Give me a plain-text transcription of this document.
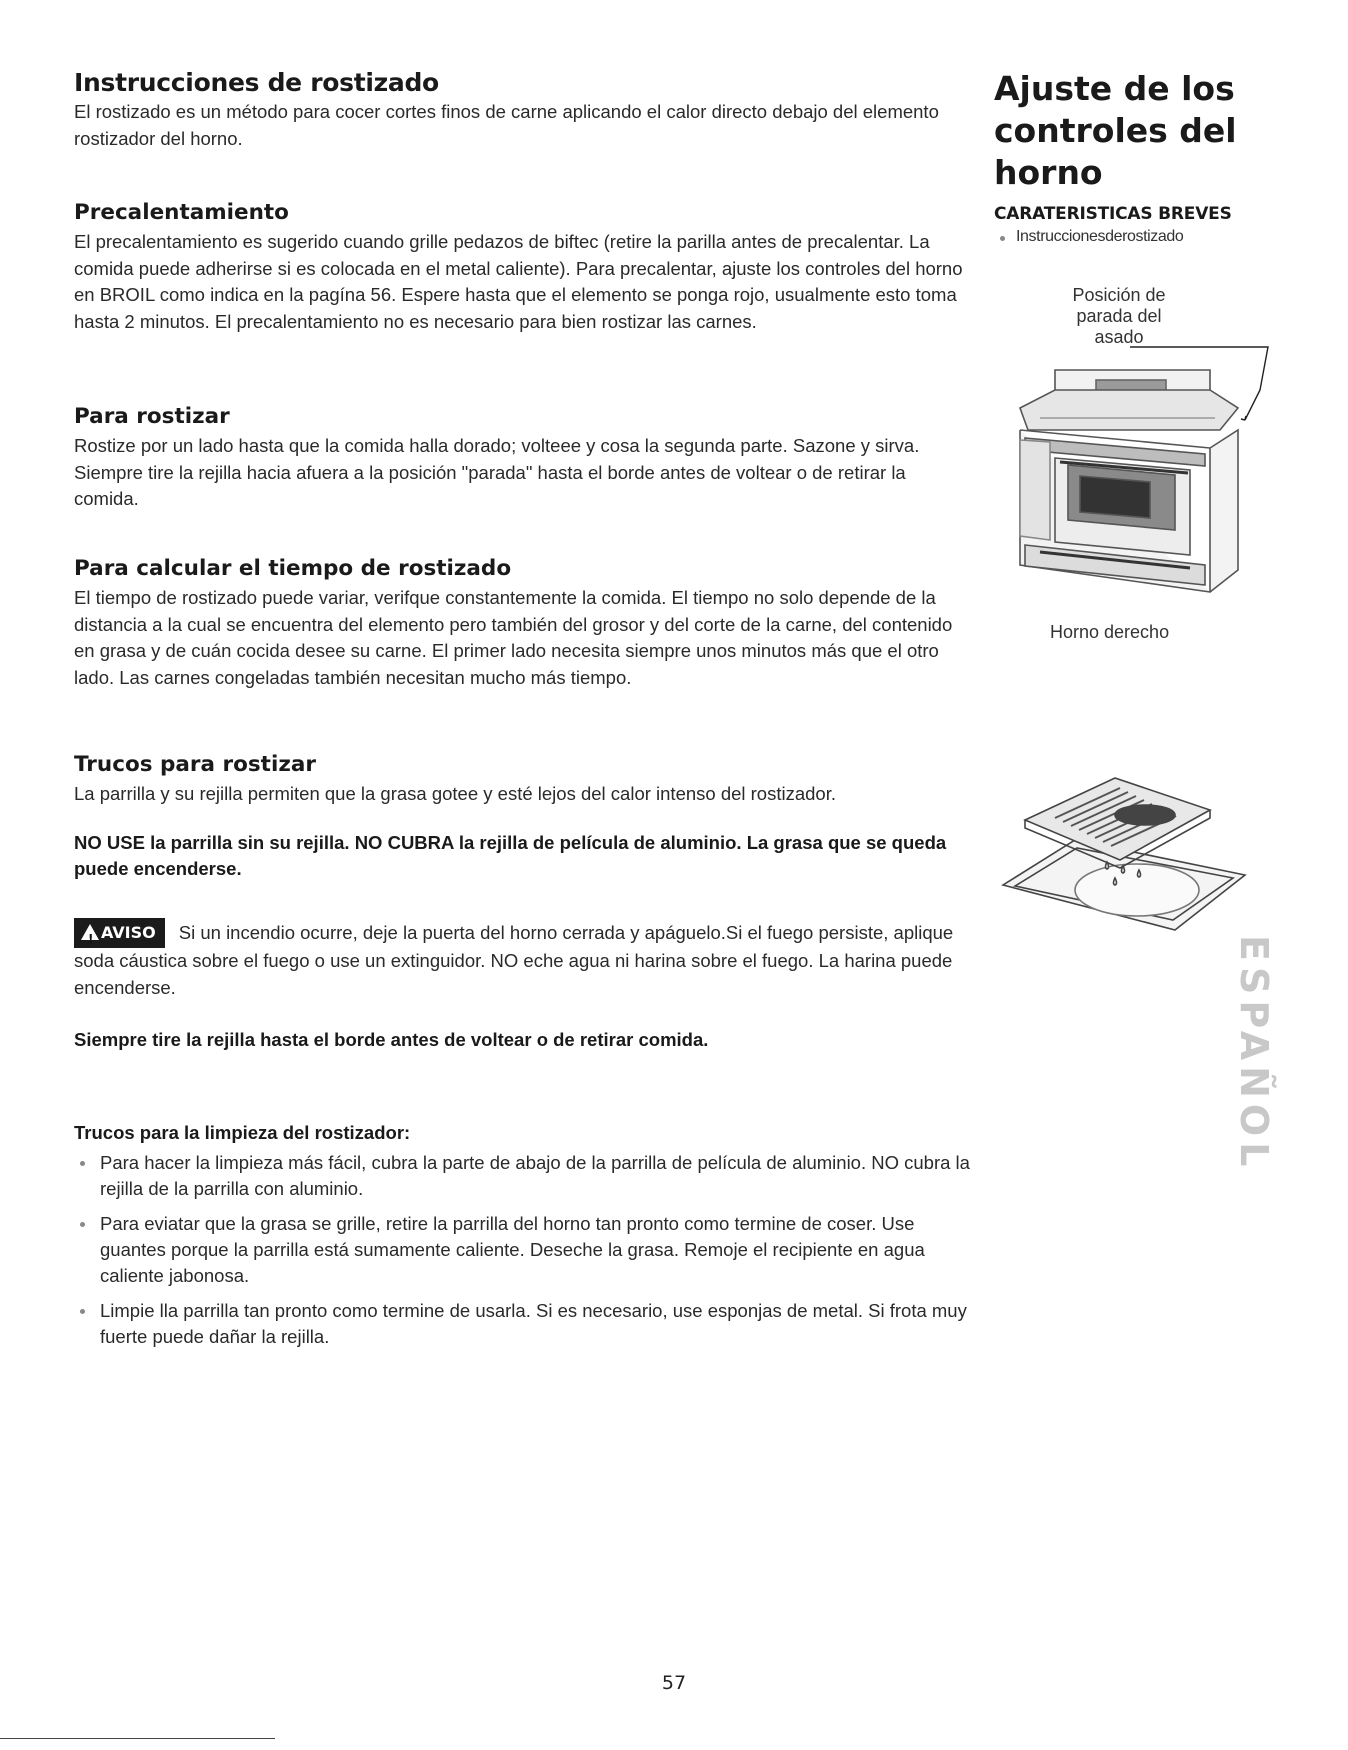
Instrucciones de rostizado

El rostizado es un método para cocer cortes finos de carne aplicando el calor directo debajo del elemento rostizador del horno.

Precalentamiento

El precalentamiento es sugerido cuando grille pedazos de biftec (retire la parilla antes de precalentar. La comida puede adherirse si es colocada en el metal caliente). Para precalentar, ajuste los controles del horno en BROIL como indica en la pagína 56. Espere hasta que el elemento se ponga rojo, usualmente esto toma hasta 2 minutos. El precalentamiento no es necesario para bien rostizar las carnes.

Para rostizar

Rostize por un lado hasta que la comida halla dorado; volteee y cosa la segunda parte. Sazone y sirva. Siempre tire la rejilla hacia afuera a la posición "parada" hasta el borde antes de voltear o de retirar la comida.

Para calcular el tiempo de rostizado

El tiempo de rostizado puede variar, verifque constantemente la comida. El tiempo no solo depende de la distancia a la cual se encuentra del elemento pero también del grosor y del corte de la carne, del contenido en grasa y de cuán cocida desee su carne. El primer lado necesita siempre unos minutos más que el otro lado. Las carnes congeladas también necesitan mucho más tiempo.

Trucos para rostizar

La parrilla y su rejilla permiten que la grasa gotee y esté lejos del calor intenso del rostizador.

NO USE la parrilla sin su rejilla. NO CUBRA la rejilla de película de aluminio. La grasa que se queda puede encenderse.

! AVISO Si un incendio ocurre, deje la puerta del horno cerrada y apáguelo.Si el fuego persiste, aplique soda cáustica sobre el fuego o use un extinguidor. NO eche agua ni harina sobre el fuego. La harina puede encenderse.

Siempre tire la rejilla hasta el borde antes de voltear o de retirar comida.

Trucos para la limpieza del rostizador:

Para hacer la limpieza más fácil, cubra la parte de abajo de la parrilla de película de aluminio. NO cubra la rejilla de la parrilla con aluminio.
Para eviatar que la grasa se grille, retire la parrilla del horno tan pronto como termine de coser. Use guantes porque la parrilla está sumamente caliente. Deseche la grasa. Remoje el recipiente en agua caliente jabonosa.
Limpie lla parrilla tan pronto como termine de usarla. Si es necesario, use esponjas de metal. Si frota muy fuerte puede dañar la rejilla.
Ajuste de los controles del horno
CARATERISTICAS BREVES
Instruccionesderostizado
Posición de parada del asado
Horno derecho
ESPAÑOL
57
